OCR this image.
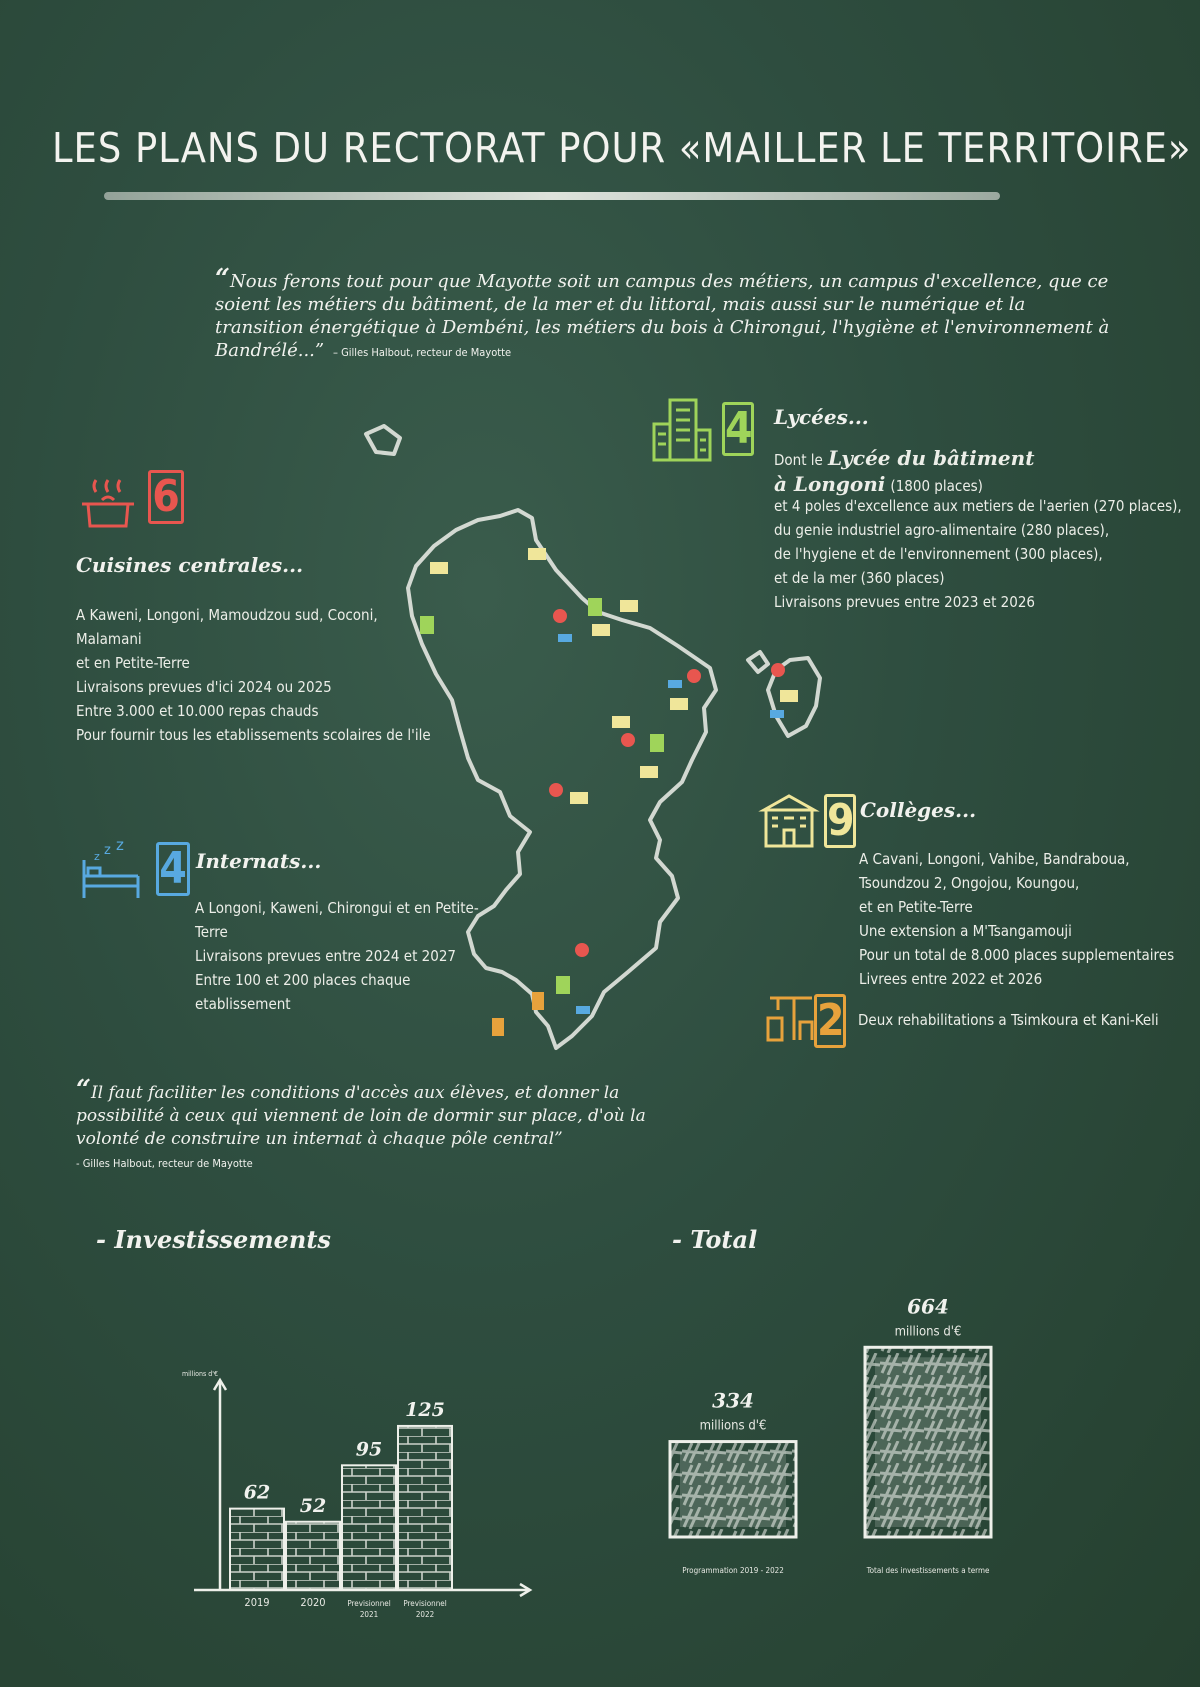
LES PLANS DU RECTORAT POUR «MAILLER LE TERRITOIRE»
“Nous ferons tout pour que Mayotte soit un campus des métiers, un campus d'excellence, que ce soient les métiers du bâtiment, de la mer et du littoral, mais aussi sur le numérique et la transition énergétique à Dembéni, les métiers du bois à Chirongui, l'hygiène et l'environnement à Bandrélé...”  – Gilles Halbout, recteur de Mayotte
6
Cuisines centrales...
A Kaweni, Longoni, Mamoudzou sud, Coconi, Malamani
et en Petite-Terre
Livraisons prevues d'ici 2024 ou 2025
Entre 3.000 et 10.000 repas chauds
Pour fournir tous les etablissements scolaires de l'ile
z z z 4 Internats...
A Longoni, Kaweni, Chirongui et en Petite-Terre
Livraisons prevues entre 2024 et 2027
Entre 100 et 200 places chaque etablissement
4 Lycées...
Dont le Lycée du bâtiment
à Longoni (1800 places)
et 4 poles d'excellence aux metiers de l'aerien (270 places),
du genie industriel agro-alimentaire (280 places),
de l'hygiene et de l'environnement (300 places),
et de la mer (360 places)
Livraisons prevues entre 2023 et 2026
9 Collèges...
A Cavani, Longoni, Vahibe, Bandraboua,
Tsoundzou 2, Ongojou, Koungou,
et en Petite-Terre
Une extension a M'Tsangamouji
Pour un total de 8.000 places supplementaires
Livrees entre 2022 et 2026
2 Deux rehabilitations a Tsimkoura et Kani-Keli
“Il faut faciliter les conditions d'accès aux élèves, et donner la possibilité à ceux qui viennent de loin de dormir sur place, d'où la volonté de construire un internat à chaque pôle central”
- Gilles Halbout, recteur de Mayotte
- Investissements	- Total
millions d'€
62
2019
52
2020
95
Previsionnel 2021
125
Previsionnel 2022
334
millions d'€
Programmation 2019 - 2022
664
millions d'€
Total des investissements a terme
